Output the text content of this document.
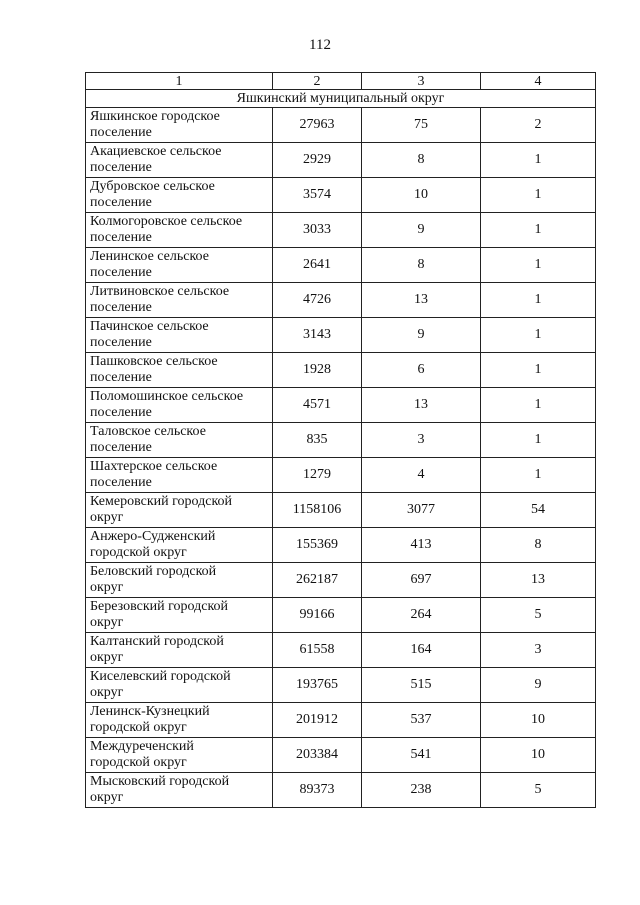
112
1	2	3	4
Яшкинский муниципальный округ			

Яшкинское городское
поселение	27963	75	2

Акациевское сельское
поселение	2929	8	1

Дубровское сельское
поселение	3574	10	1

Колмогоровское сельское
поселение	3033	9	1

Ленинское сельское
поселение	2641	8	1

Литвиновское сельское
поселение	4726	13	1

Пачинское сельское
поселение	3143	9	1

Пашковское сельское
поселение	1928	6	1

Поломошинское сельское
поселение	4571	13	1

Таловское сельское
поселение	835	3	1

Шахтерское сельское
поселение	1279	4	1

Кемеровский городской
округ	1158106	3077	54

Анжеро-Судженский
городской округ	155369	413	8

Беловский городской
округ	262187	697	13

Березовский городской
округ	99166	264	5

Калтанский городской
округ	61558	164	3

Киселевский городской
округ	193765	515	9

Ленинск-Кузнецкий
городской округ	201912	537	10

Междуреченский
городской округ	203384	541	10

Мысковский городской
округ	89373	238	5
